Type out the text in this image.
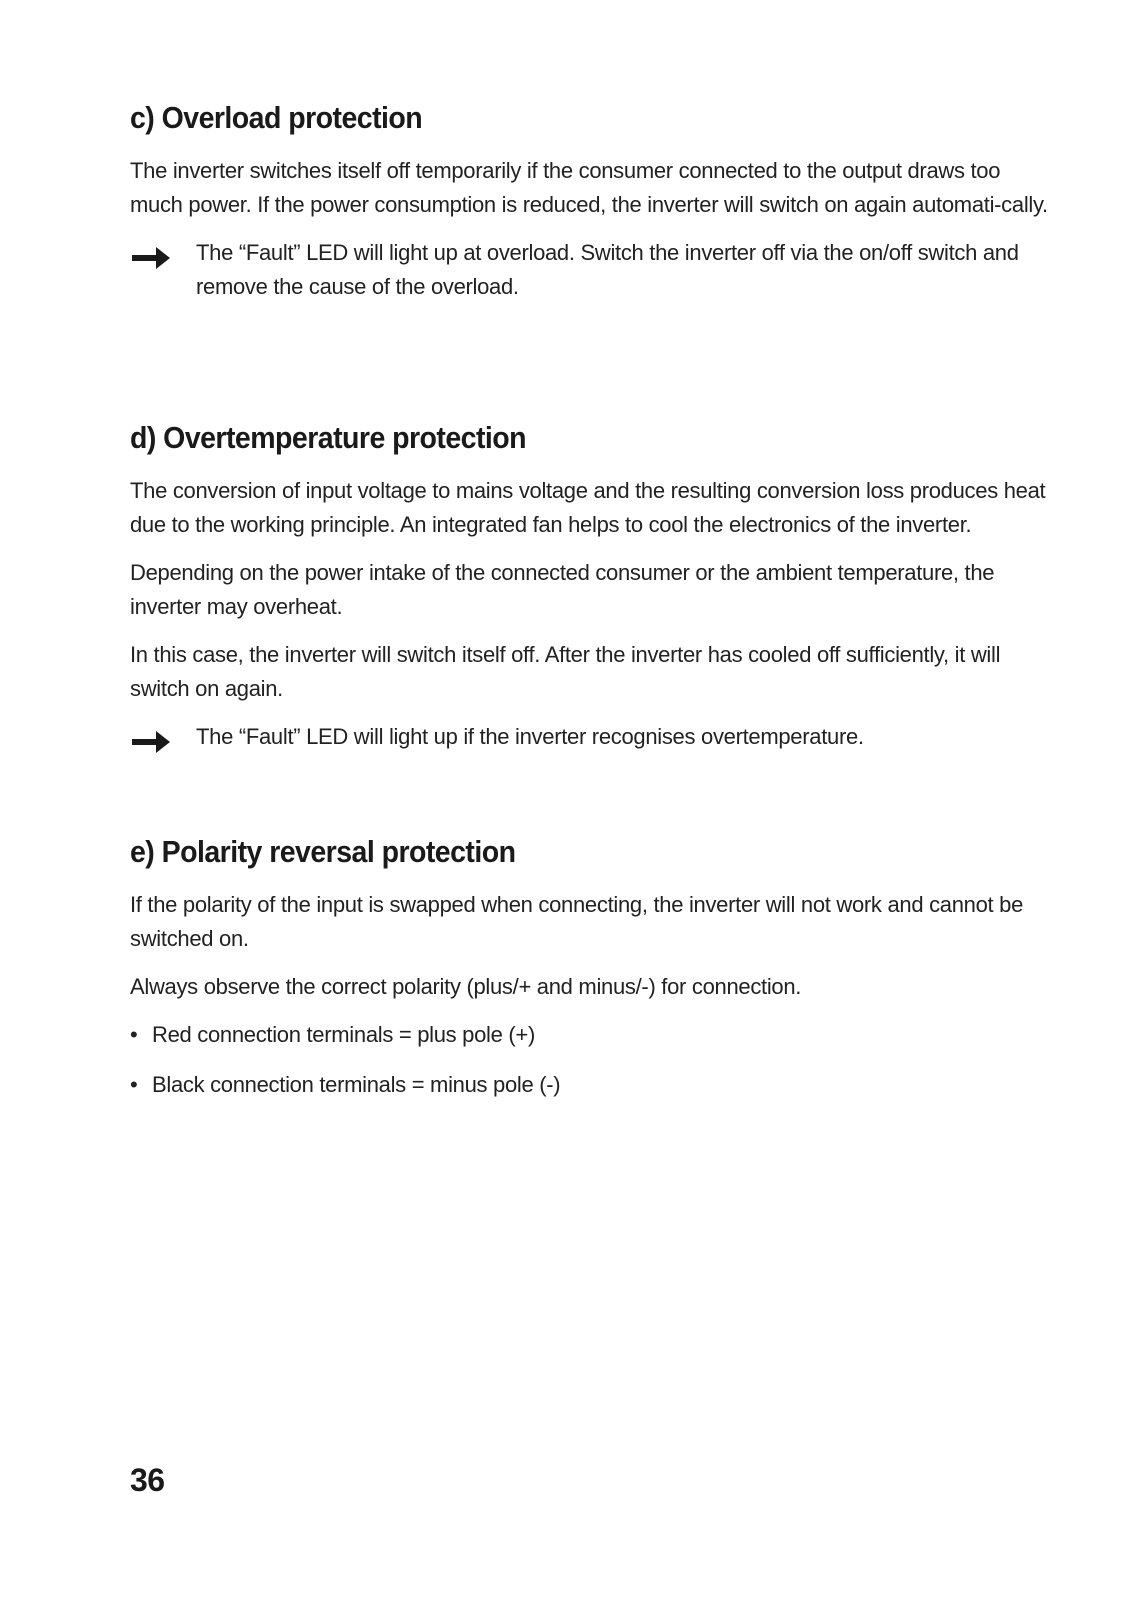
c) Overload protection

The inverter switches itself off temporarily if the consumer connected to the output draws too much power. If the power consumption is reduced, the inverter will switch on again automati-cally.

The “Fault” LED will light up at overload. Switch the inverter off via the on/off switch and remove the cause of the overload.
d) Overtemperature protection

The conversion of input voltage to mains voltage and the resulting conversion loss produces heat due to the working principle. An integrated fan helps to cool the electronics of the inverter.

Depending on the power intake of the connected consumer or the ambient temperature, the inverter may overheat.

In this case, the inverter will switch itself off. After the inverter has cooled off sufficiently, it will switch on again.

The “Fault” LED will light up if the inverter recognises overtemperature.
e) Polarity reversal protection

If the polarity of the input is swapped when connecting, the inverter will not work and cannot be switched on.

Always observe the correct polarity (plus/+ and minus/-) for connection.

• Red connection terminals = plus pole (+)
• Black connection terminals = minus pole (-)
36
